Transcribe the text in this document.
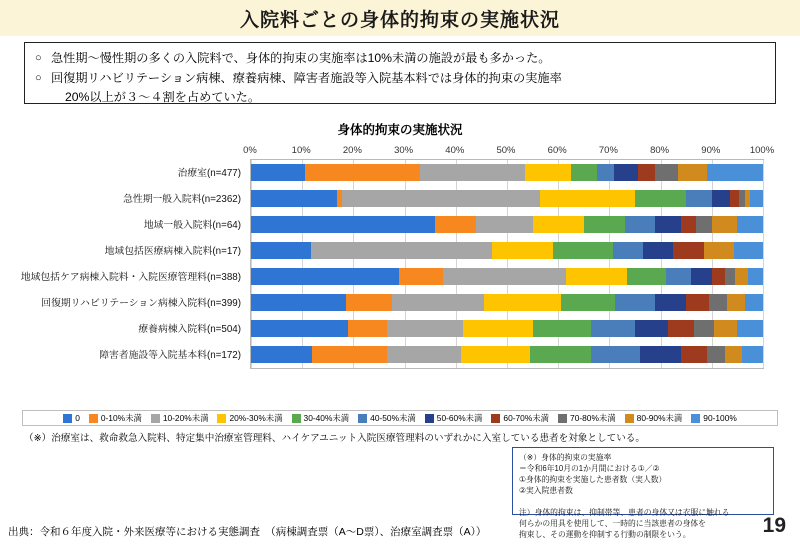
入院料ごとの身体的拘束の実施状況
○ 急性期～慢性期の多くの入院料で、身体的拘束の実施率は10%未満の施設が最も多かった。
○ 回復期リハビリテーション病棟、療養病棟、障害者施設等入院基本料では身体的拘束の実施率
20%以上が３～４割を占めていた。
身体的拘束の実施状況
0%	10%	20%	30%	40%	50%	60%	70%	80%	90%	100%
治療室(n=477)
急性期一般入院料(n=2362)
地域一般入院料(n=64)
地域包括医療病棟入院料(n=17)
地域包括ケア病棟入院料・入院医療管理料(n=388)
回復期リハビリテーション病棟入院料(n=399)
療養病棟入院料(n=504)
障害者施設等入院基本料(n=172)
0	0-10%未満	10-20%未満	20%-30%未満	30-40%未満	40-50%未満	50-60%未満	60-70%未満	70-80%未満	80-90%未満	90-100%
（※）治療室は、救命救急入院料、特定集中治療室管理料、ハイケアユニット入院医療管理料のいずれかに入室している患者を対象としている。
（※）身体的拘束の実施率
＝令和6年10月の1か月間における①／②
①身体的拘束を実施した患者数（実人数）
②実入院患者数

注）身体的拘束は、抑制帯等、患者の身体又は衣服に触れる
何らかの用具を使用して、一時的に当該患者の身体を
拘束し、その運動を抑制する行動の制限をいう。
出典：令和６年度入院・外来医療等における実態調査　（病棟調査票（A～D票）、治療室調査票（A））	19
